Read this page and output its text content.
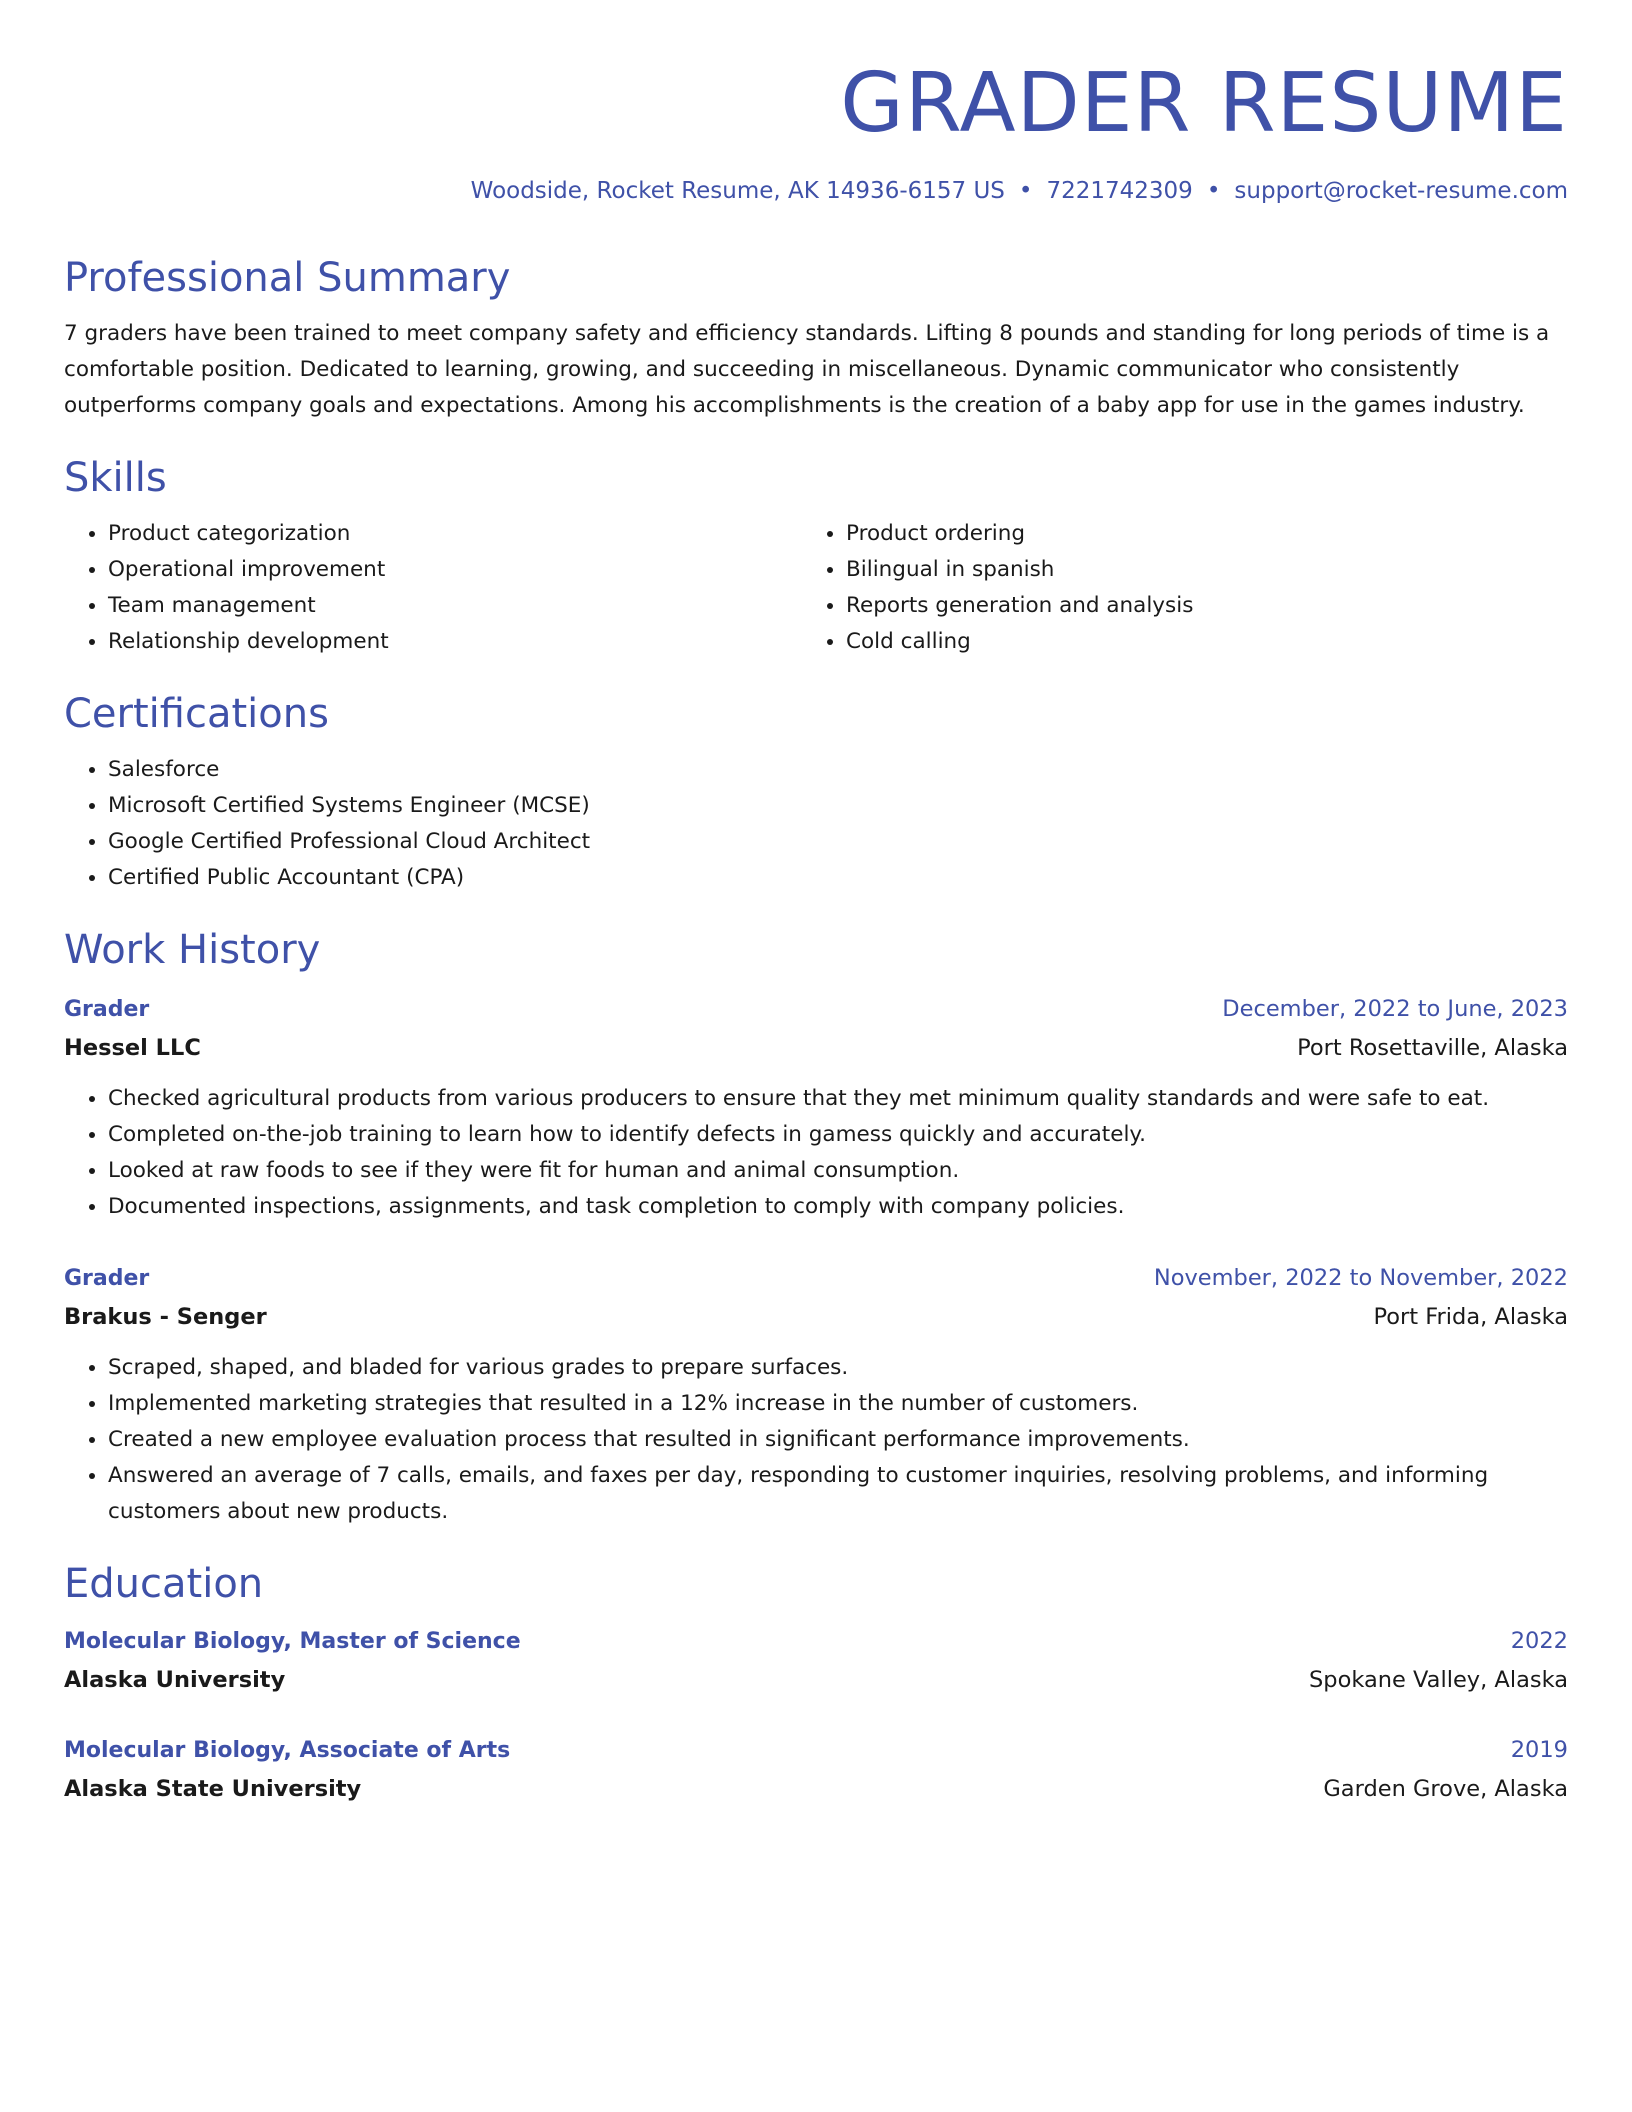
GRADER RESUME
Woodside, Rocket Resume, AK 14936-6157 US • 7221742309 • support@rocket-resume.com
Professional Summary

7 graders have been trained to meet company safety and efficiency standards. Lifting 8 pounds and standing for long periods of time is a comfortable position. Dedicated to learning, growing, and succeeding in miscellaneous. Dynamic communicator who consistently outperforms company goals and expectations. Among his accomplishments is the creation of a baby app for use in the games industry.

Skills
• Product categorization
• Operational improvement
• Team management
• Relationship development
• Product ordering
• Bilingual in spanish
• Reports generation and analysis
• Cold calling
Certifications
• Salesforce
• Microsoft Certified Systems Engineer (MCSE)
• Google Certified Professional Cloud Architect
• Certified Public Accountant (CPA)
Work History
Grader	December, 2022 to June, 2023
Hessel LLC	Port Rosettaville, Alaska
• Checked agricultural products from various producers to ensure that they met minimum quality standards and were safe to eat.
• Completed on-the-job training to learn how to identify defects in gamess quickly and accurately.
• Looked at raw foods to see if they were fit for human and animal consumption.
• Documented inspections, assignments, and task completion to comply with company policies.
Grader	November, 2022 to November, 2022
Brakus - Senger	Port Frida, Alaska
• Scraped, shaped, and bladed for various grades to prepare surfaces.
• Implemented marketing strategies that resulted in a 12% increase in the number of customers.
• Created a new employee evaluation process that resulted in significant performance improvements.
• Answered an average of 7 calls, emails, and faxes per day, responding to customer inquiries, resolving problems, and informing customers about new products.
Education
Molecular Biology, Master of Science	2022
Alaska University	Spokane Valley, Alaska
Molecular Biology, Associate of Arts	2019
Alaska State University	Garden Grove, Alaska
